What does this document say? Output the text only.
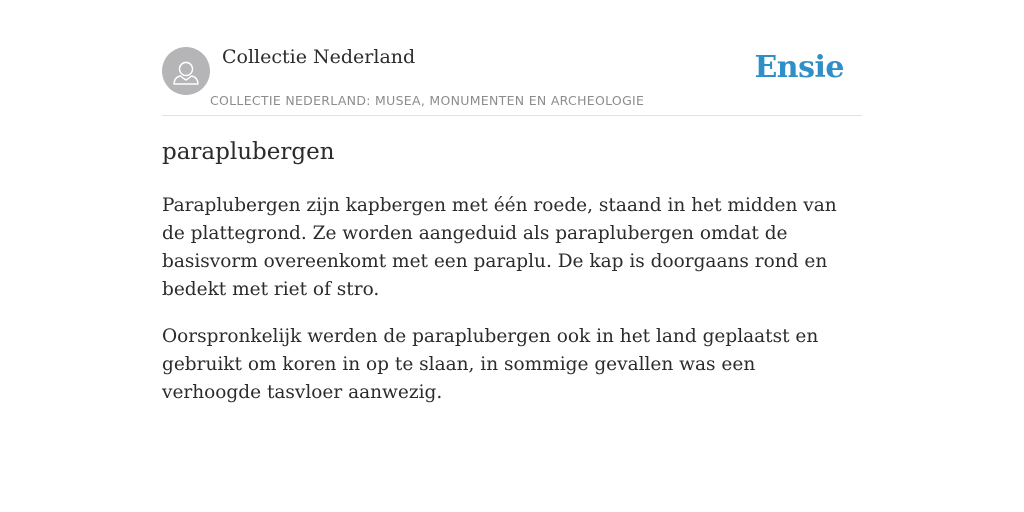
Collectie Nederland
COLLECTIE NEDERLAND: MUSEA, MONUMENTEN EN ARCHEOLOGIE
Ensie
paraplubergen

Paraplubergen zijn kapbergen met één roede, staand in het midden van de plattegrond. Ze worden aangeduid als paraplubergen omdat de basisvorm overeenkomt met een paraplu. De kap is doorgaans rond en bedekt met riet of stro.

Oorspronkelijk werden de paraplubergen ook in het land geplaatst en gebruikt om koren in op te slaan, in sommige gevallen was een verhoogde tasvloer aanwezig.
